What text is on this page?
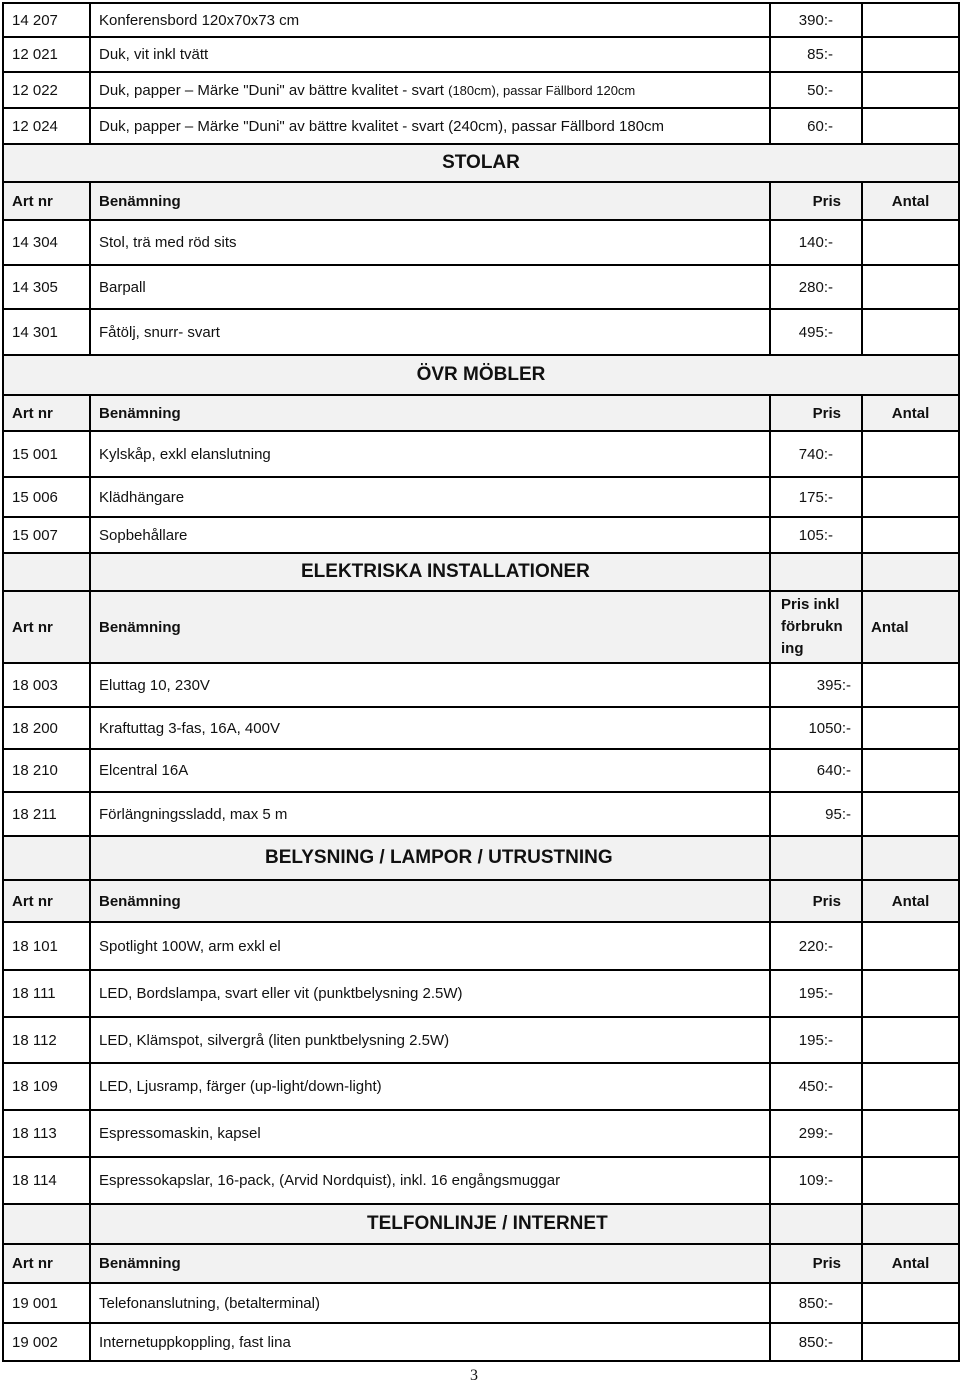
14 207	Konferensbord 120x70x73 cm	390:-	
12 021	Duk, vit inkl tvätt	85:-	
12 022	Duk, papper – Märke "Duni" av bättre kvalitet - svart (180cm), passar Fällbord 120cm	50:-	
12 024	Duk, papper – Märke "Duni" av bättre kvalitet - svart (240cm), passar Fällbord 180cm	60:-	
STOLAR			
Art nr	Benämning	Pris	Antal
14 304	Stol, trä med röd sits	140:-	
14 305	Barpall	280:-	
14 301	Fåtölj, snurr- svart	495:-	
ÖVR MÖBLER			
Art nr	Benämning	Pris	Antal
15 001	Kylskåp, exkl elanslutning	740:-	
15 006	Klädhängare	175:-	
15 007	Sopbehållare	105:-	
	ELEKTRISKA INSTALLATIONER		
Art nr	Benämning	Pris inkl förbrukn ing	Antal
18 003	Eluttag 10, 230V	395:-	
18 200	Kraftuttag 3-fas, 16A, 400V	1050:-	
18 210	Elcentral 16A	640:-	
18 211	Förlängningssladd, max 5 m	95:-	
	BELYSNING / LAMPOR / UTRUSTNING		
Art nr	Benämning	Pris	Antal
18 101	Spotlight 100W, arm exkl el	220:-	
18 111	LED, Bordslampa, svart eller vit (punktbelysning 2.5W)	195:-	
18 112	LED, Klämspot, silvergrå (liten punktbelysning 2.5W)	195:-	
18 109	LED, Ljusramp, färger (up-light/down-light)	450:-	
18 113	Espressomaskin, kapsel	299:-	
18 114	Espressokapslar, 16-pack, (Arvid Nordquist), inkl. 16 engångsmuggar	109:-	
	TELFONLINJE / INTERNET		
Art nr	Benämning	Pris	Antal
19 001	Telefonanslutning, (betalterminal)	850:-	
19 002	Internetuppkoppling, fast lina	850:-	
3
